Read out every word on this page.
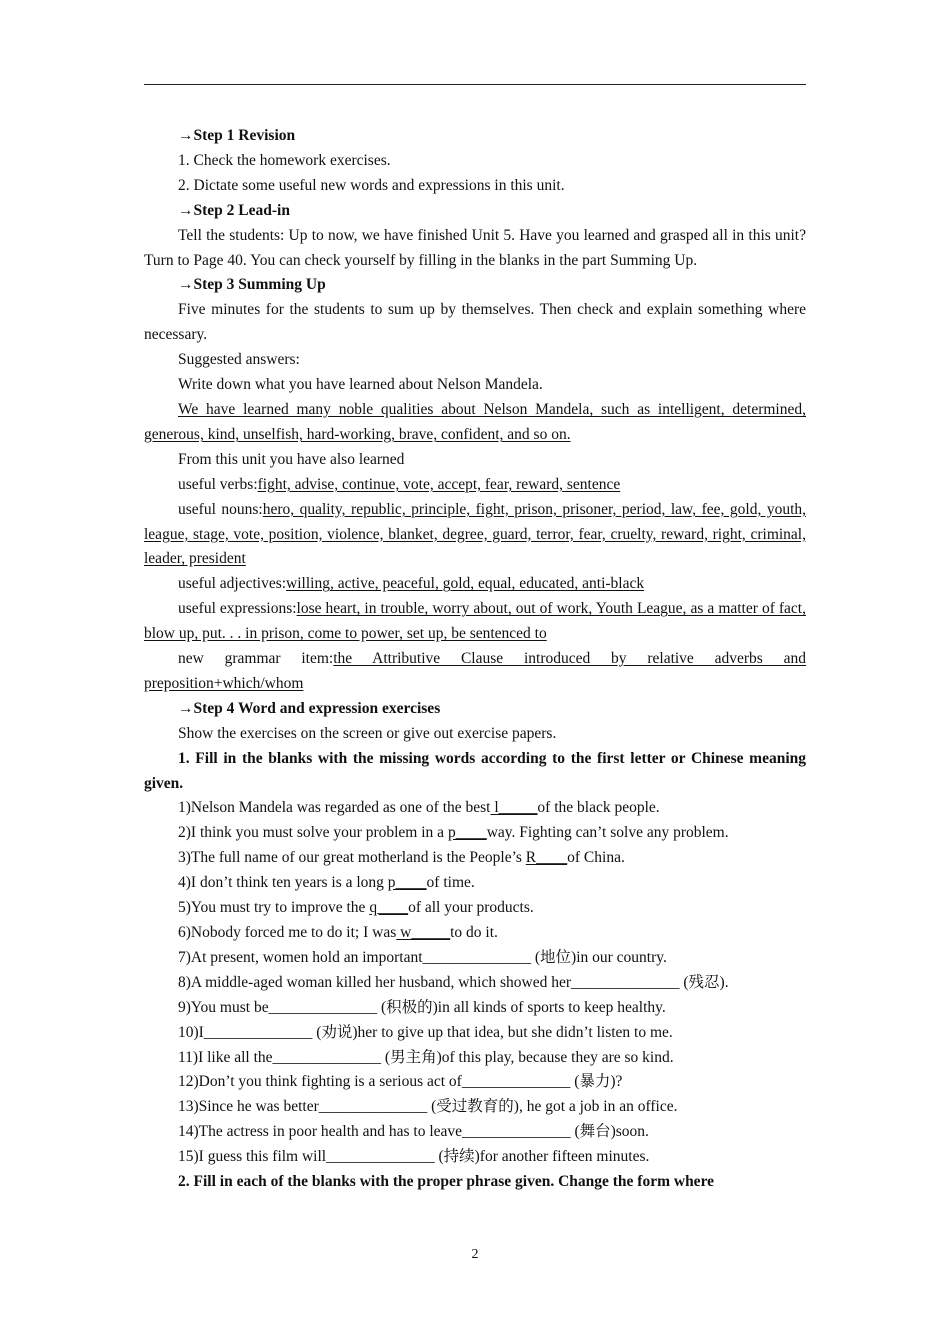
→Step 1 Revision

1. Check the homework exercises.

2. Dictate some useful new words and expressions in this unit.

→Step 2 Lead-in

Tell the students: Up to now, we have finished Unit 5. Have you learned and grasped all in this unit? Turn to Page 40. You can check yourself by filling in the blanks in the part Summing Up.

→Step 3 Summing Up

Five minutes for the students to sum up by themselves. Then check and explain something where necessary.

Suggested answers:

Write down what you have learned about Nelson Mandela.

We have learned many noble qualities about Nelson Mandela, such as intelligent, determined, generous, kind, unselfish, hard-working, brave, confident, and so on.

From this unit you have also learned

useful verbs:fight, advise, continue, vote, accept, fear, reward, sentence

useful nouns:hero, quality, republic, principle, fight, prison, prisoner, period, law, fee, gold, youth, league, stage, vote, position, violence, blanket, degree, guard, terror, fear, cruelty, reward, right, criminal, leader, president

useful adjectives:willing, active, peaceful, gold, equal, educated, anti-black

useful expressions:lose heart, in trouble, worry about, out of work, Youth League, as a matter of fact, blow up, put. . . in prison, come to power, set up, be sentenced to

new grammar item:the Attributive Clause introduced by relative adverbs and preposition+which/whom

→Step 4 Word and expression exercises

Show the exercises on the screen or give out exercise papers.

1. Fill in the blanks with the missing words according to the first letter or Chinese meaning given.

1)Nelson Mandela was regarded as one of the best l_____of the black people.

2)I think you must solve your problem in a p____way. Fighting can’t solve any problem.

3)The full name of our great motherland is the People’s R____of China.

4)I don’t think ten years is a long p____of time.

5)You must try to improve the q____of all your products.

6)Nobody forced me to do it; I was w_____to do it.

7)At present, women hold an important______________ (地位)in our country.

8)A middle-aged woman killed her husband, which showed her______________ (残忍).

9)You must be______________ (积极的)in all kinds of sports to keep healthy.

10)I______________ (劝说)her to give up that idea, but she didn’t listen to me.

11)I like all the______________ (男主角)of this play, because they are so kind.

12)Don’t you think fighting is a serious act of______________ (暴力)?

13)Since he was better______________ (受过教育的), he got a job in an office.

14)The actress in poor health and has to leave______________ (舞台)soon.

15)I guess this film will______________ (持续)for another fifteen minutes.

2. Fill in each of the blanks with the proper phrase given. Change the form where

2
